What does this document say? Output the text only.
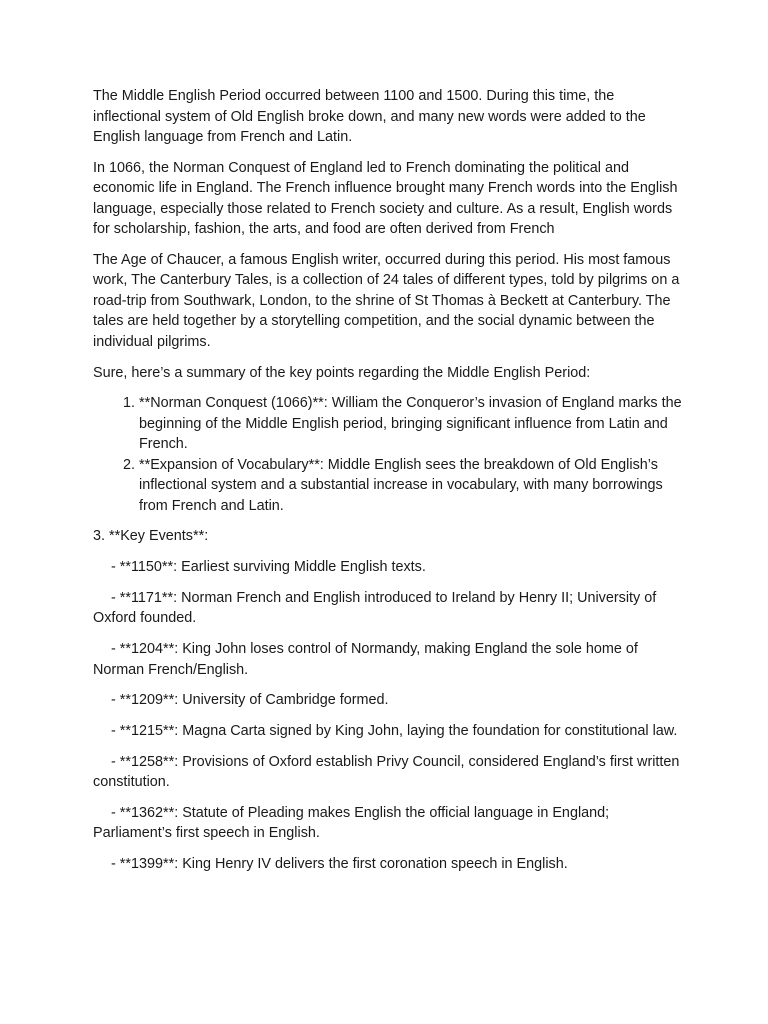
The Middle English Period occurred between 1100 and 1500. During this time, the inflectional system of Old English broke down, and many new words were added to the English language from French and Latin.

In 1066, the Norman Conquest of England led to French dominating the political and economic life in England. The French influence brought many French words into the English language, especially those related to French society and culture. As a result, English words for scholarship, fashion, the arts, and food are often derived from French

The Age of Chaucer, a famous English writer, occurred during this period. His most famous work, The Canterbury Tales, is a collection of 24 tales of different types, told by pilgrims on a road-trip from Southwark, London, to the shrine of St Thomas à Beckett at Canterbury. The tales are held together by a storytelling competition, and the social dynamic between the individual pilgrims.

Sure, here’s a summary of the key points regarding the Middle English Period:

1. **Norman Conquest (1066)**: William the Conqueror’s invasion of England marks the beginning of the Middle English period, bringing significant influence from Latin and French.
2. **Expansion of Vocabulary**: Middle English sees the breakdown of Old English’s inflectional system and a substantial increase in vocabulary, with many borrowings from French and Latin.

3. **Key Events**:

- **1150**: Earliest surviving Middle English texts.

- **1171**: Norman French and English introduced to Ireland by Henry II; University of Oxford founded.

- **1204**: King John loses control of Normandy, making England the sole home of Norman French/English.

- **1209**: University of Cambridge formed.

- **1215**: Magna Carta signed by King John, laying the foundation for constitutional law.

- **1258**: Provisions of Oxford establish Privy Council, considered England’s first written constitution.

- **1362**: Statute of Pleading makes English the official language in England; Parliament’s first speech in English.

- **1399**: King Henry IV delivers the first coronation speech in English.
